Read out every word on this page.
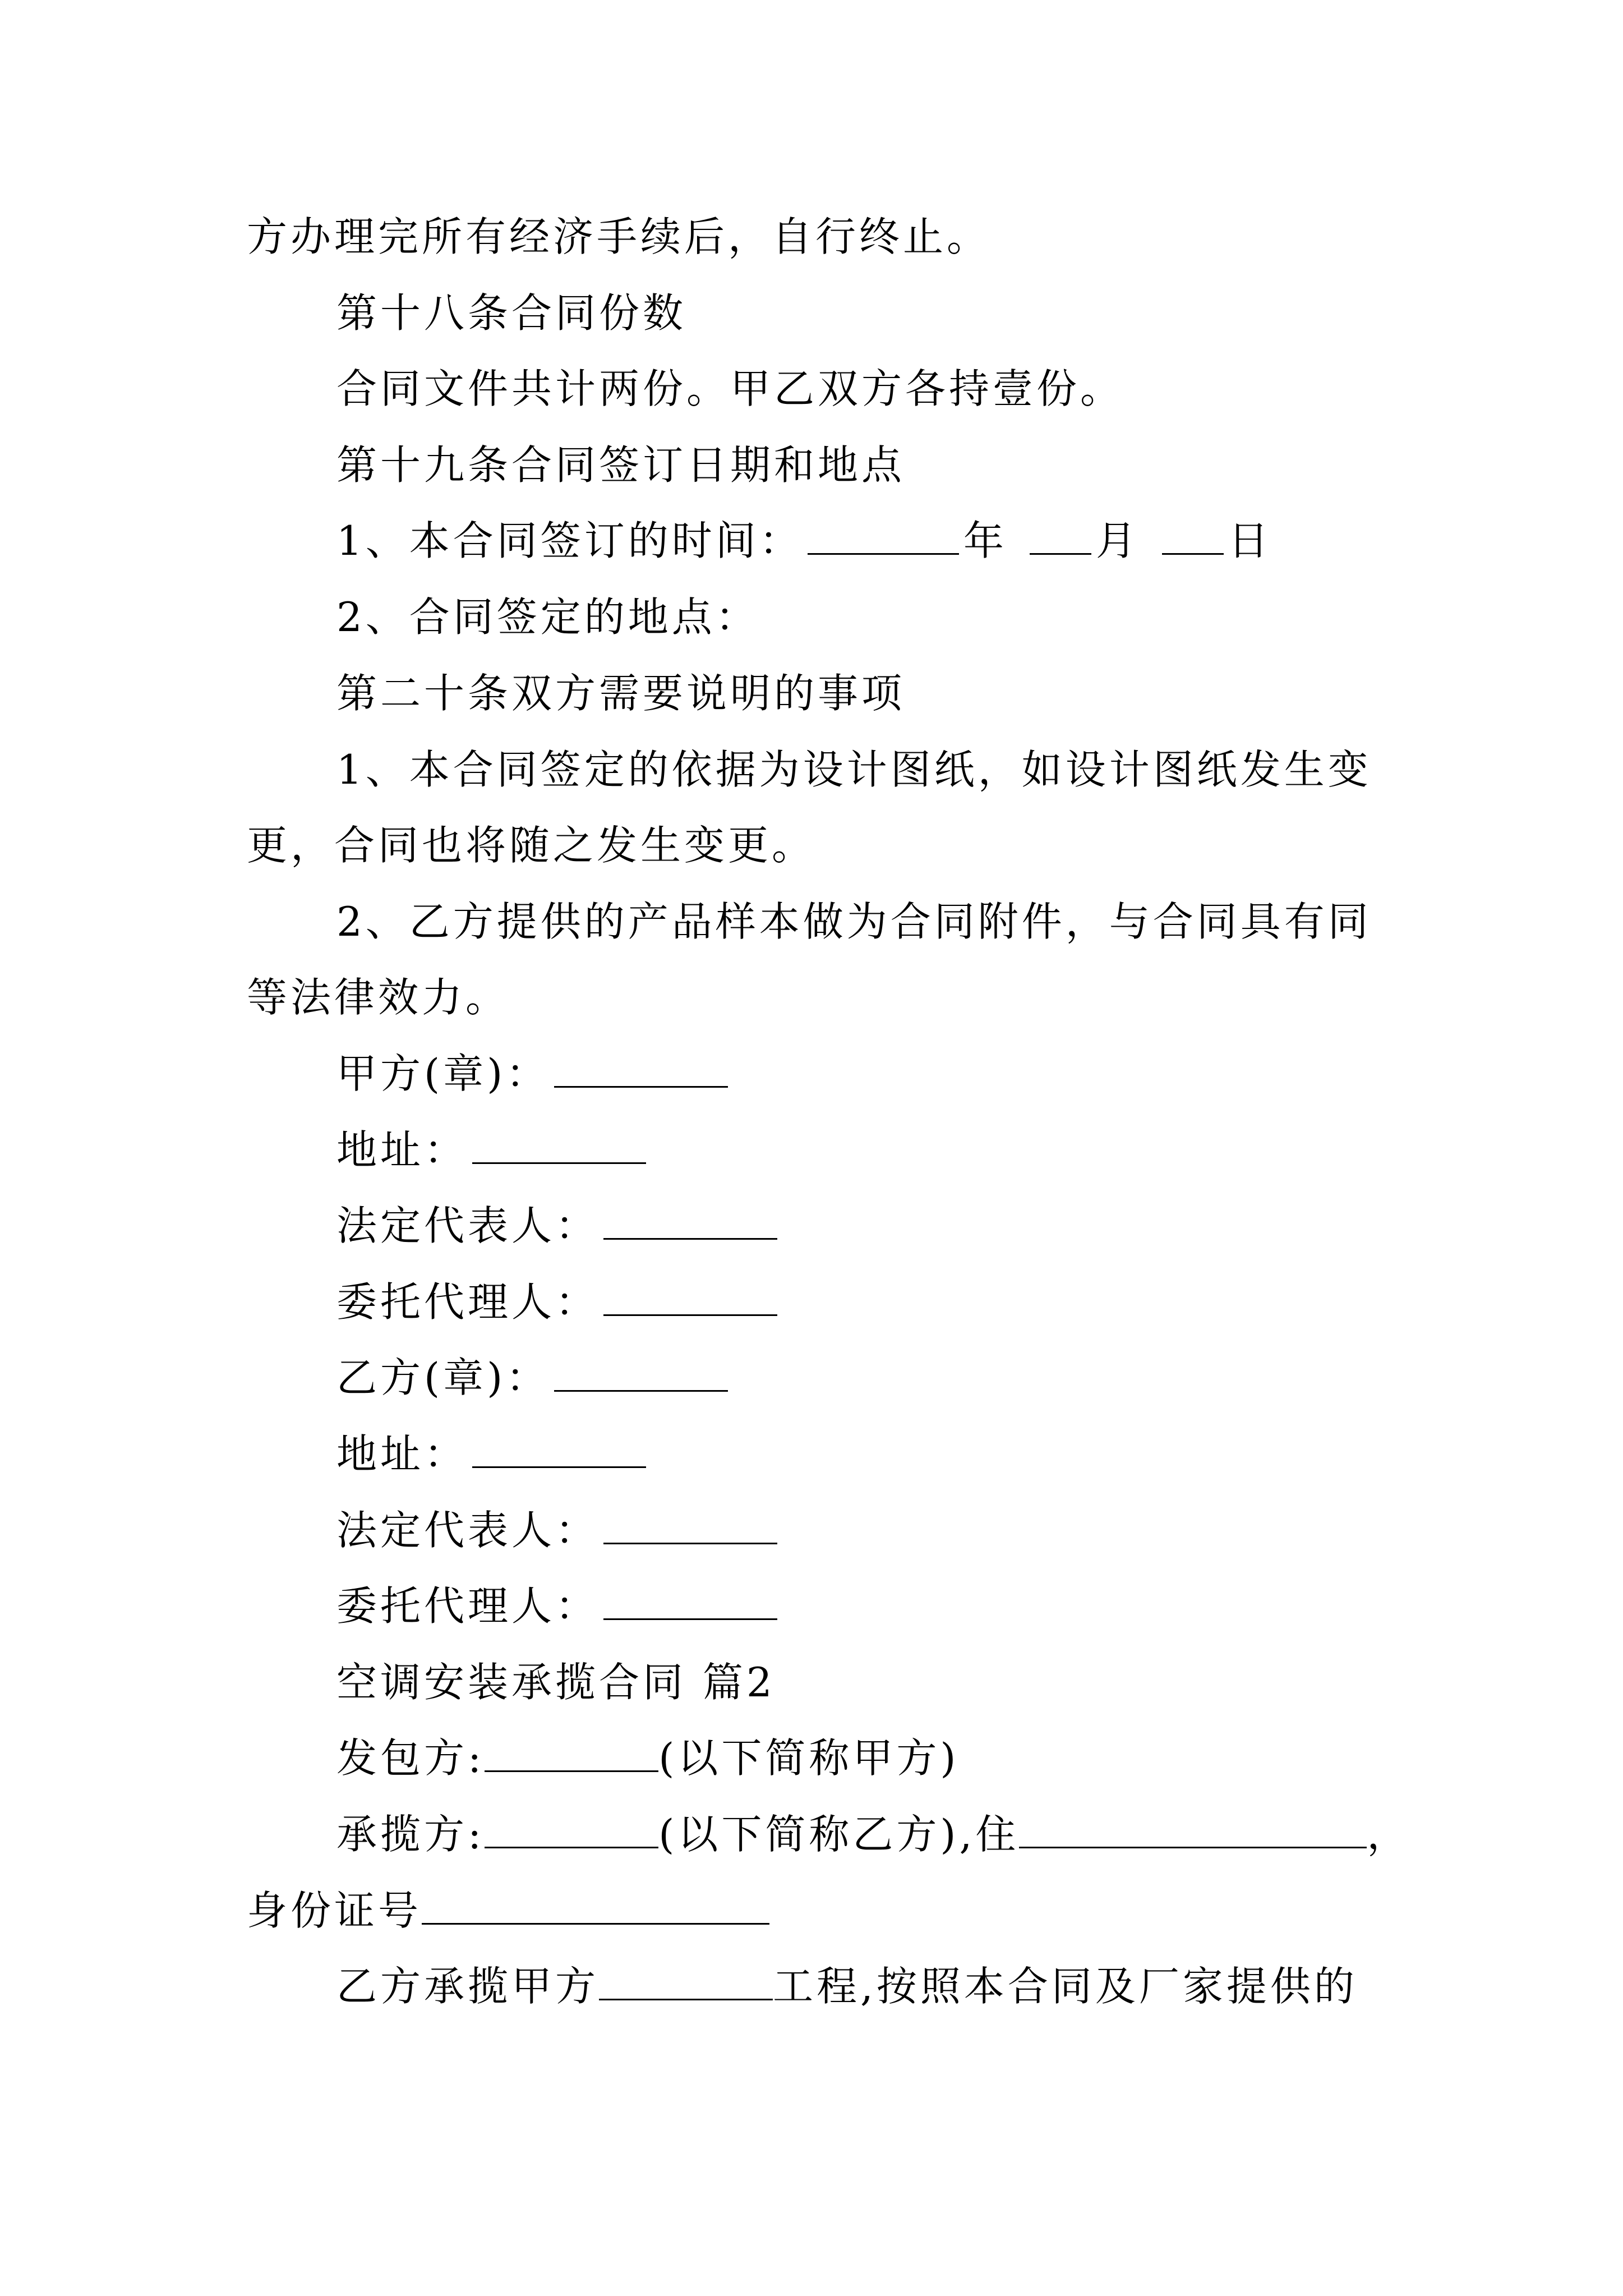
方办理完所有经济手续后，自行终止。
第十八条合同份数
合同文件共计两份。甲乙双方各持壹份。
第十九条合同签订日期和地点
1、本合同签订的时间：	年 月 日
2、合同签定的地点：
第二十条双方需要说明的事项
1、本合同签定的依据为设计图纸，如设计图纸发生变
更，合同也将随之发生变更。
2、乙方提供的产品样本做为合同附件，与合同具有同
等法律效力。
甲方(章)：
地址：
法定代表人：
委托代理人：
乙方(章)：
地址：
法定代表人：
委托代理人：
空调安装承揽合同 篇2
发包方:	(以下简称甲方)
承揽方:	(以下简称乙方),住	，
身份证号
乙方承揽甲方	工程,按照本合同及厂家提供的
